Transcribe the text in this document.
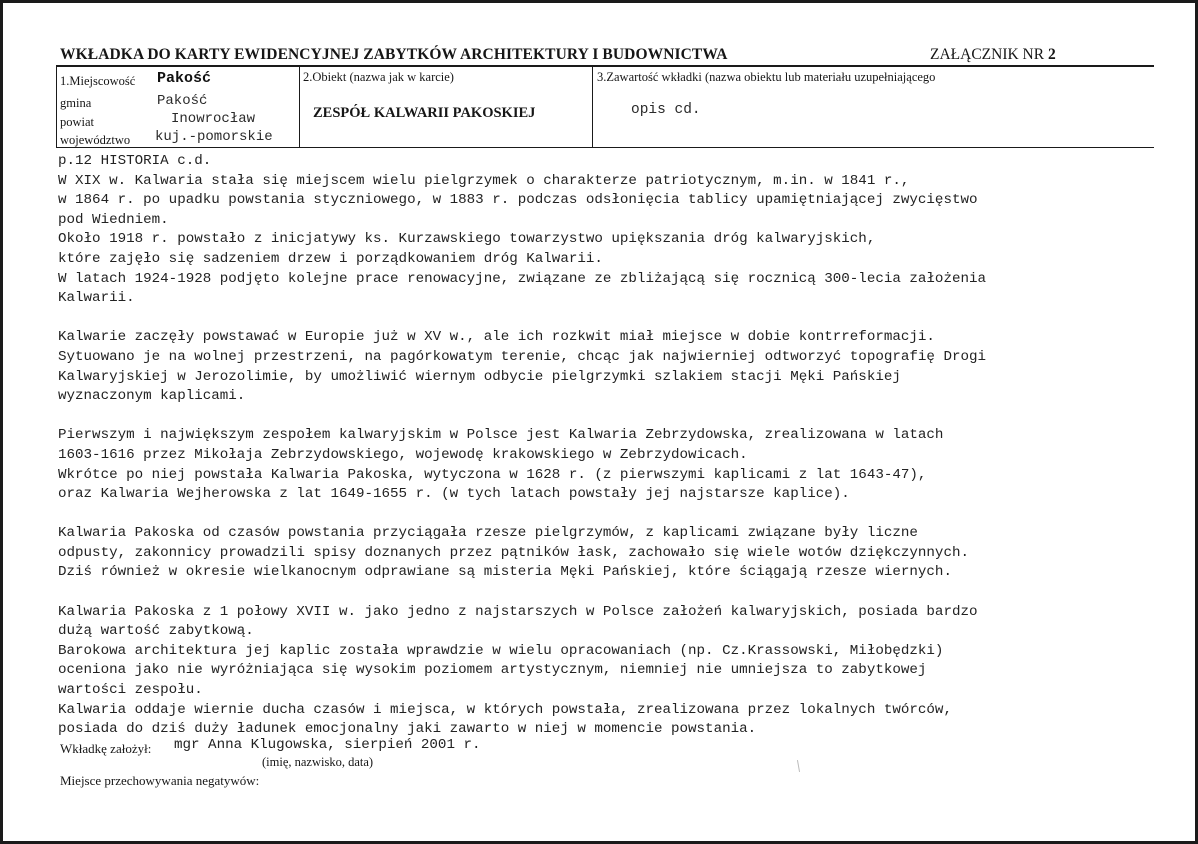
WKŁADKA DO KARTY EWIDENCYJNEJ ZABYTKÓW ARCHITEKTURY I BUDOWNICTWA	ZAŁĄCZNIK NR 2
1.Miejscowość Pakość
gmina	Pakość
powiat	Inowrocław
województwo kuj.-pomorskie
2.Obiekt (nazwa jak w karcie)
ZESPÓŁ KALWARII PAKOSKIEJ
3.Zawartość wkładki (nazwa obiektu lub materiału uzupełniającego
opis cd.

p.12 HISTORIA c.d.

W XIX w. Kalwaria stała się miejscem wielu pielgrzymek o charakterze patriotycznym, m.in. w 1841 r.,

w 1864 r. po upadku powstania styczniowego, w 1883 r. podczas odsłonięcia tablicy upamiętniającej zwycięstwo

pod Wiedniem.

Około 1918 r. powstało z inicjatywy ks. Kurzawskiego towarzystwo upiększania dróg kalwaryjskich,

które zajęło się sadzeniem drzew i porządkowaniem dróg Kalwarii.

W latach 1924-1928 podjęto kolejne prace renowacyjne, związane ze zbliżającą się rocznicą 300-lecia założenia

Kalwarii.

Kalwarie zaczęły powstawać w Europie już w XV w., ale ich rozkwit miał miejsce w dobie kontrreformacji.

Sytuowano je na wolnej przestrzeni, na pagórkowatym terenie, chcąc jak najwierniej odtworzyć topografię Drogi

Kalwaryjskiej w Jerozolimie, by umożliwić wiernym odbycie pielgrzymki szlakiem stacji Męki Pańskiej

wyznaczonym kaplicami.

Pierwszym i największym zespołem kalwaryjskim w Polsce jest Kalwaria Zebrzydowska, zrealizowana w latach

1603-1616 przez Mikołaja Zebrzydowskiego, wojewodę krakowskiego w Zebrzydowicach.

Wkrótce po niej powstała Kalwaria Pakoska, wytyczona w 1628 r. (z pierwszymi kaplicami z lat 1643-47),

oraz Kalwaria Wejherowska z lat 1649-1655 r. (w tych latach powstały jej najstarsze kaplice).

Kalwaria Pakoska od czasów powstania przyciągała rzesze pielgrzymów, z kaplicami związane były liczne

odpusty, zakonnicy prowadzili spisy doznanych przez pątników łask, zachowało się wiele wotów dziękczynnych.

Dziś również w okresie wielkanocnym odprawiane są misteria Męki Pańskiej, które ściągają rzesze wiernych.

Kalwaria Pakoska z 1 połowy XVII w. jako jedno z najstarszych w Polsce założeń kalwaryjskich, posiada bardzo

dużą wartość zabytkową.

Barokowa architektura jej kaplic została wprawdzie w wielu opracowaniach (np. Cz.Krassowski, Miłobędzki)

oceniona jako nie wyróżniająca się wysokim poziomem artystycznym, niemniej nie umniejsza to zabytkowej

wartości zespołu.

Kalwaria oddaje wiernie ducha czasów i miejsca, w których powstała, zrealizowana przez lokalnych twórców,

posiada do dziś duży ładunek emocjonalny jaki zawarto w niej w momencie powstania.

Wkładkę założył: mgr Anna Klugowska, sierpień 2001 r.
(imię, nazwisko, data)
Miejsce przechowywania negatywów:
